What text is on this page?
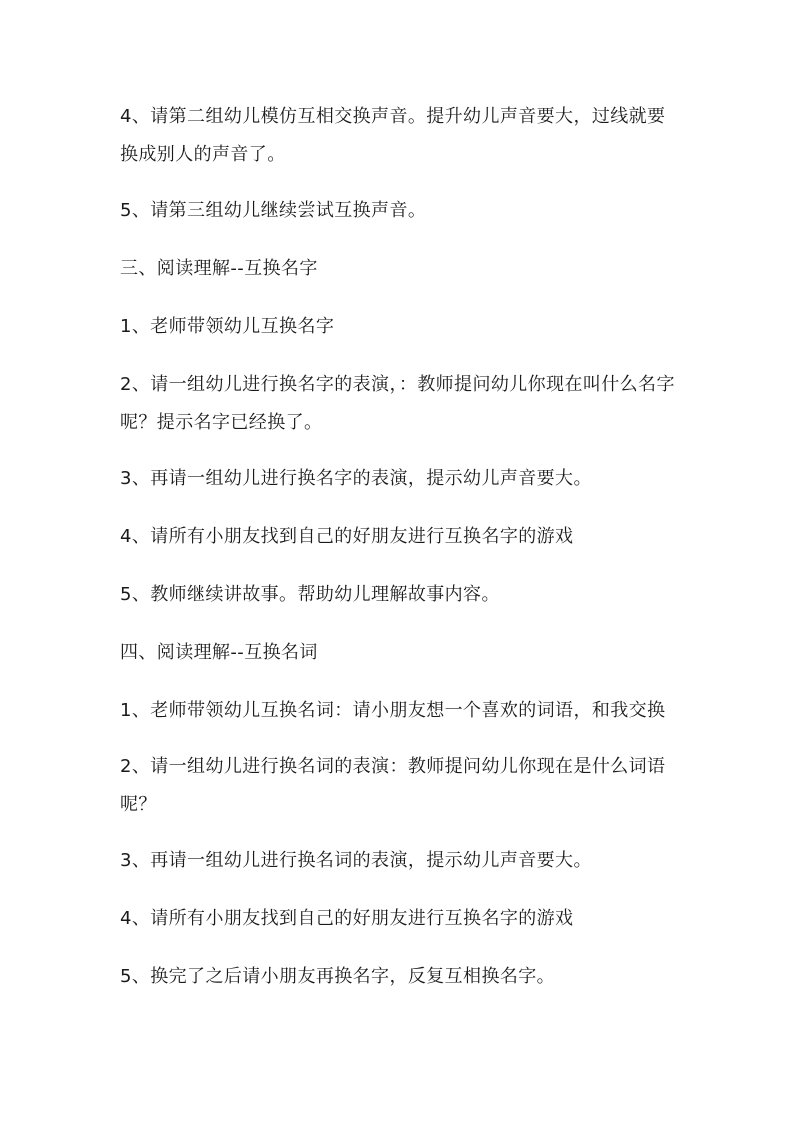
4、请第二组幼儿模仿互相交换声音。提升幼儿声音要大，过线就要换成别人的声音了。

5、请第三组幼儿继续尝试互换声音。

三、阅读理解--互换名字

1、老师带领幼儿互换名字

2、请一组幼儿进行换名字的表演，：教师提问幼儿你现在叫什么名字呢？提示名字已经换了。

3、再请一组幼儿进行换名字的表演，提示幼儿声音要大。

4、请所有小朋友找到自己的好朋友进行互换名字的游戏

5、教师继续讲故事。帮助幼儿理解故事内容。

四、阅读理解--互换名词

1、老师带领幼儿互换名词：请小朋友想一个喜欢的词语，和我交换

2、请一组幼儿进行换名词的表演：教师提问幼儿你现在是什么词语呢？

3、再请一组幼儿进行换名词的表演，提示幼儿声音要大。

4、请所有小朋友找到自己的好朋友进行互换名字的游戏

5、换完了之后请小朋友再换名字，反复互相换名字。
